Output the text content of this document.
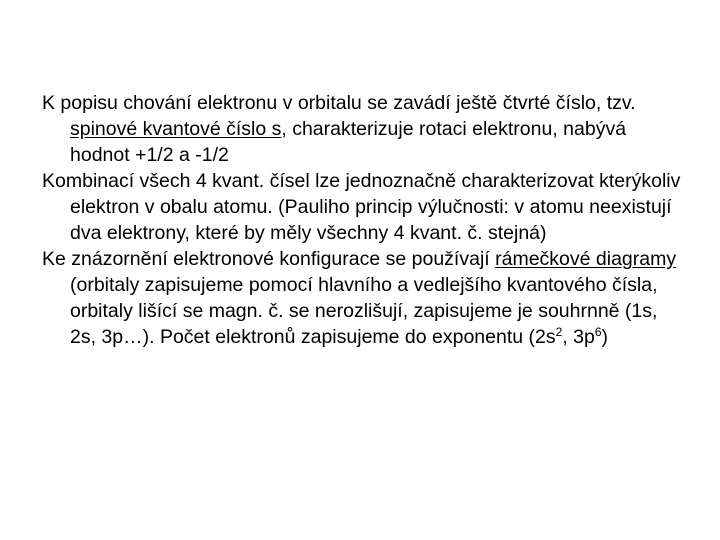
K popisu chování elektronu v orbitalu se zavádí ještě čtvrté číslo, tzv. spinové kvantové číslo s, charakterizuje rotaci elektronu, nabývá hodnot +1/2 a -1/2

Kombinací všech 4 kvant. čísel lze jednoznačně charakterizovat kterýkoliv elektron v obalu atomu. (Pauliho princip výlučnosti: v atomu neexistují dva elektrony, které by měly všechny 4 kvant. č. stejná)

Ke znázornění elektronové konfigurace se používají rámečkové diagramy (orbitaly zapisujeme pomocí hlavního a vedlejšího kvantového čísla, orbitaly lišící se magn. č. se nerozlišují, zapisujeme je souhrnně (1s, 2s, 3p…). Počet elektronů zapisujeme do exponentu ($2s^2$, $3p^6$)
